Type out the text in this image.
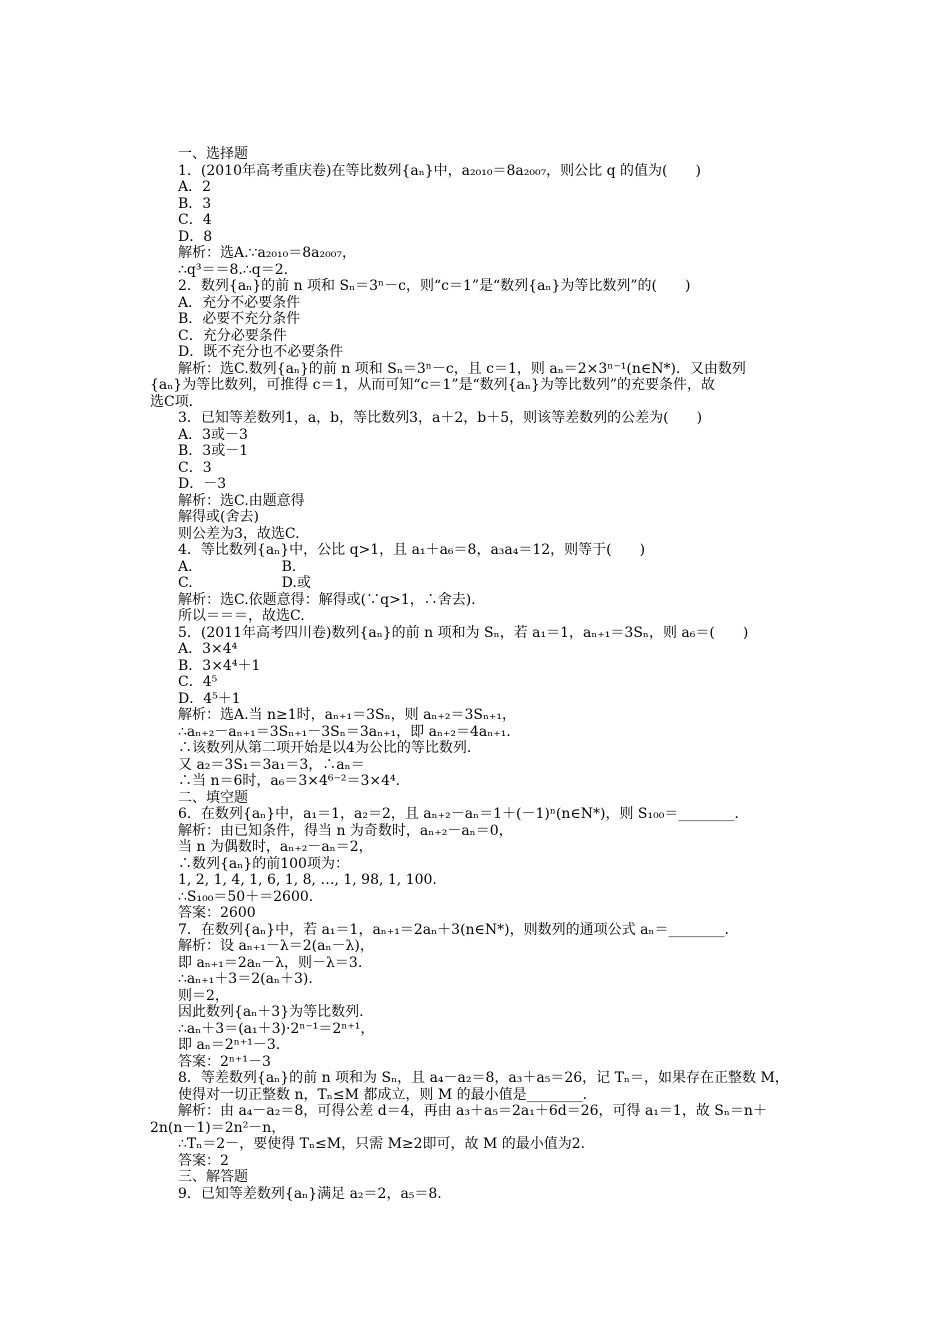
一、选择题
1．(2010年高考重庆卷)在等比数列{aₙ}中，a₂₀₁₀＝8a₂₀₀₇，则公比 q 的值为(　　)
A．2
B．3
C．4
D．8
解析：选A.∵a₂₀₁₀＝8a₂₀₀₇，
∴q³＝＝8.∴q＝2.
2．数列{aₙ}的前 n 项和 Sₙ＝3ⁿ－c，则“c＝1”是“数列{aₙ}为等比数列”的(　　)
A．充分不必要条件
B．必要不充分条件
C．充分必要条件
D．既不充分也不必要条件
解析：选C.数列{aₙ}的前 n 项和 Sₙ＝3ⁿ－c，且 c＝1，则 aₙ＝2×3ⁿ⁻¹(n∈N*)．又由数列
{aₙ}为等比数列，可推得 c＝1，从而可知“c＝1”是“数列{aₙ}为等比数列”的充要条件，故
选C项．
3．已知等差数列1，a，b，等比数列3，a＋2，b＋5，则该等差数列的公差为(　　)
A．3或－3
B．3或－1
C．3
D．－3
解析：选C.由题意得
解得或(舍去)
则公差为3，故选C.
4．等比数列{aₙ}中，公比 q>1，且 a₁＋a₆＝8，a₃a₄＝12，则等于(　　)
A.                    B.
C.                    D.或
解析：选C.依题意得：解得或(∵q>1，∴舍去).
所以＝＝＝，故选C.
5．(2011年高考四川卷)数列{aₙ}的前 n 项和为 Sₙ，若 a₁＝1，aₙ₊₁＝3Sₙ，则 a₆＝(　　)
A．3×4⁴
B．3×4⁴＋1
C．4⁵
D．4⁵＋1
解析：选A.当 n≥1时，aₙ₊₁＝3Sₙ，则 aₙ₊₂＝3Sₙ₊₁，
∴aₙ₊₂－aₙ₊₁＝3Sₙ₊₁－3Sₙ＝3aₙ₊₁，即 aₙ₊₂＝4aₙ₊₁.
∴该数列从第二项开始是以4为公比的等比数列.
又 a₂＝3S₁＝3a₁＝3，∴aₙ＝
∴当 n＝6时，a₆＝3×4⁶⁻²＝3×4⁴.
二、填空题
6．在数列{aₙ}中，a₁＝1，a₂＝2，且 aₙ₊₂－aₙ＝1＋(－1)ⁿ(n∈N*)，则 S₁₀₀＝________.
解析：由已知条件，得当 n 为奇数时，aₙ₊₂－aₙ＝0，
当 n 为偶数时，aₙ₊₂－aₙ＝2，
∴数列{aₙ}的前100项为：
1, 2, 1, 4, 1, 6, 1, 8, …, 1, 98, 1, 100.
∴S₁₀₀＝50＋＝2600.
答案：2600
7．在数列{aₙ}中，若 a₁＝1，aₙ₊₁＝2aₙ＋3(n∈N*)，则数列的通项公式 aₙ＝________.
解析：设 aₙ₊₁－λ＝2(aₙ－λ)，
即 aₙ₊₁＝2aₙ－λ，则－λ＝3.
∴aₙ₊₁＋3＝2(aₙ＋3).
则＝2，
因此数列{aₙ＋3}为等比数列.
∴aₙ＋3＝(a₁＋3)·2ⁿ⁻¹＝2ⁿ⁺¹，
即 aₙ＝2ⁿ⁺¹－3.
答案：2ⁿ⁺¹－3
8．等差数列{aₙ}的前 n 项和为 Sₙ，且 a₄－a₂＝8，a₃＋a₅＝26，记 Tₙ＝，如果存在正整数 M，
使得对一切正整数 n，Tₙ≤M 都成立，则 M 的最小值是________.
解析：由 a₄－a₂＝8，可得公差 d＝4，再由 a₃＋a₅＝2a₁＋6d＝26，可得 a₁＝1，故 Sₙ＝n＋
2n(n－1)＝2n²－n，
∴Tₙ＝2－，要使得 Tₙ≤M，只需 M≥2即可，故 M 的最小值为2.
答案：2
三、解答题
9．已知等差数列{aₙ}满足 a₂＝2，a₅＝8.
